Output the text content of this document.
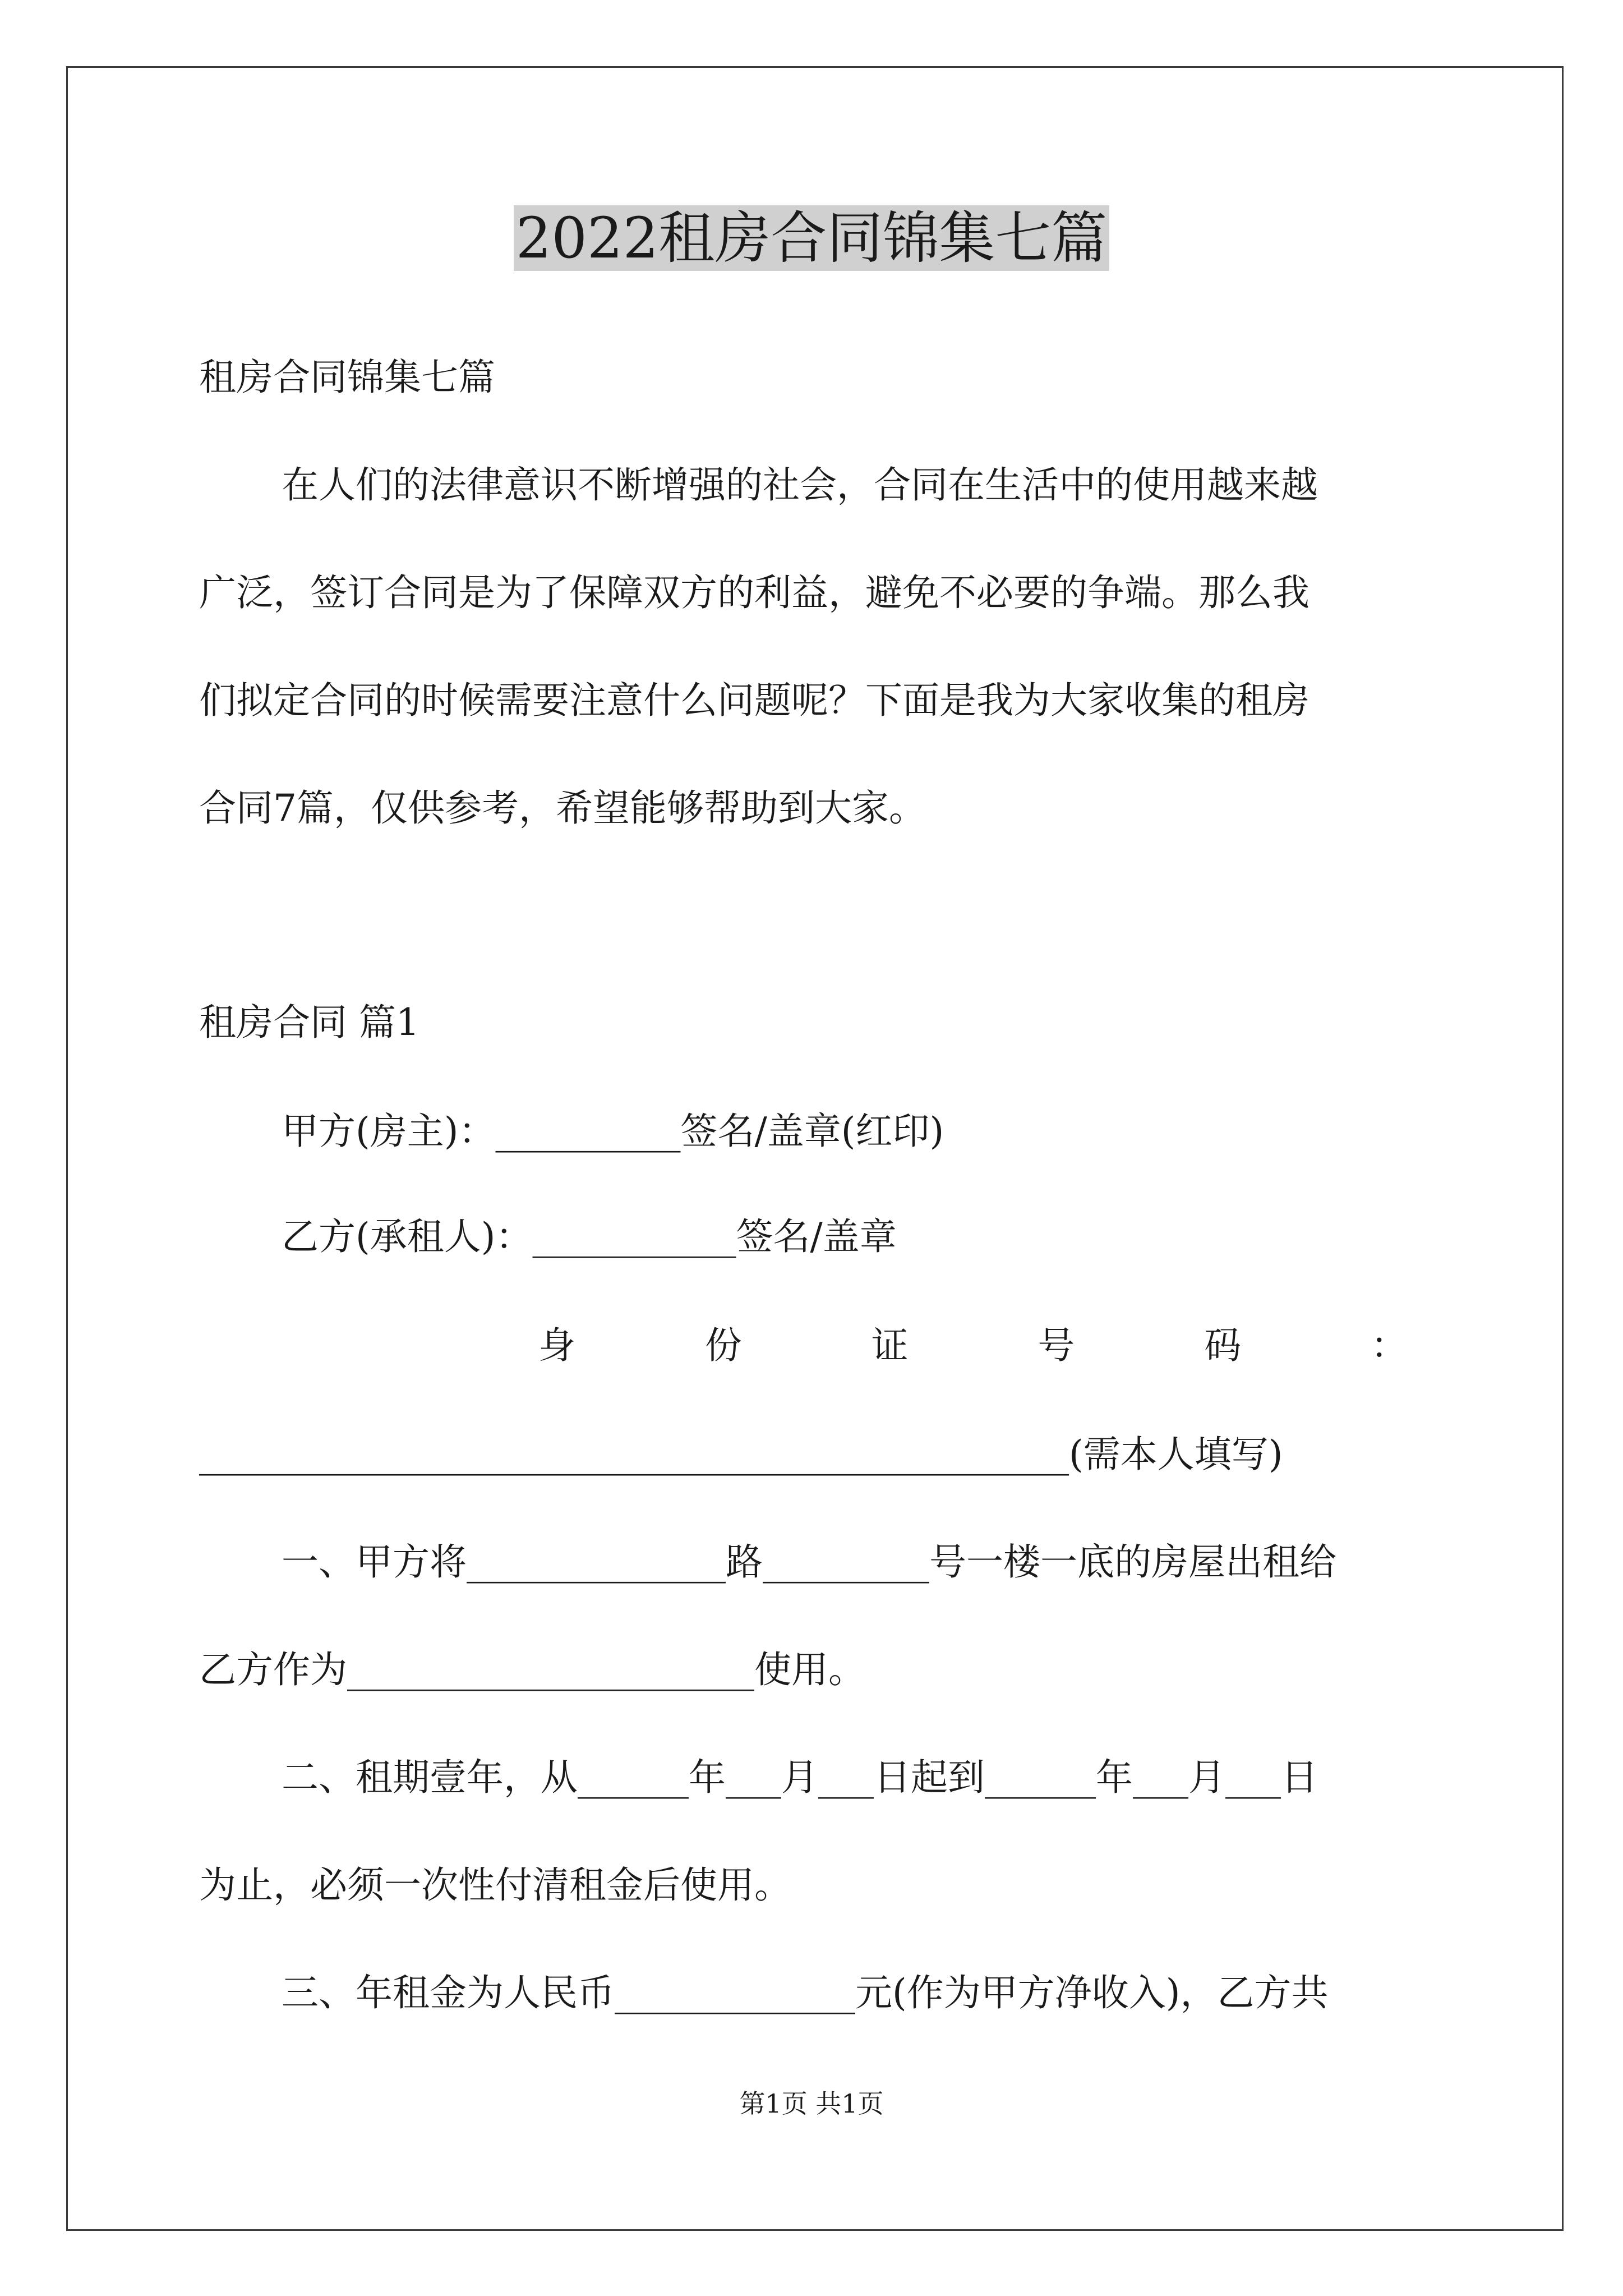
2022租房合同锦集七篇
租房合同锦集七篇
在人们的法律意识不断增强的社会，合同在生活中的使用越来越
广泛，签订合同是为了保障双方的利益，避免不必要的争端。那么我
们拟定合同的时候需要注意什么问题呢？下面是我为大家收集的租房
合同7篇，仅供参考，希望能够帮助到大家。
租房合同 篇1
甲方(房主)：__________签名/盖章(红印)
乙方(承租人)：___________签名/盖章
身	份	证	号	码	：
_______________________________________________(需本人填写)
一、甲方将______________路_________号一楼一底的房屋出租给
乙方作为______________________使用。
二、租期壹年，从______年___月___日起到______年___月___日
为止，必须一次性付清租金后使用。
三、年租金为人民币_____________元(作为甲方净收入)，乙方共
第1页 共1页
